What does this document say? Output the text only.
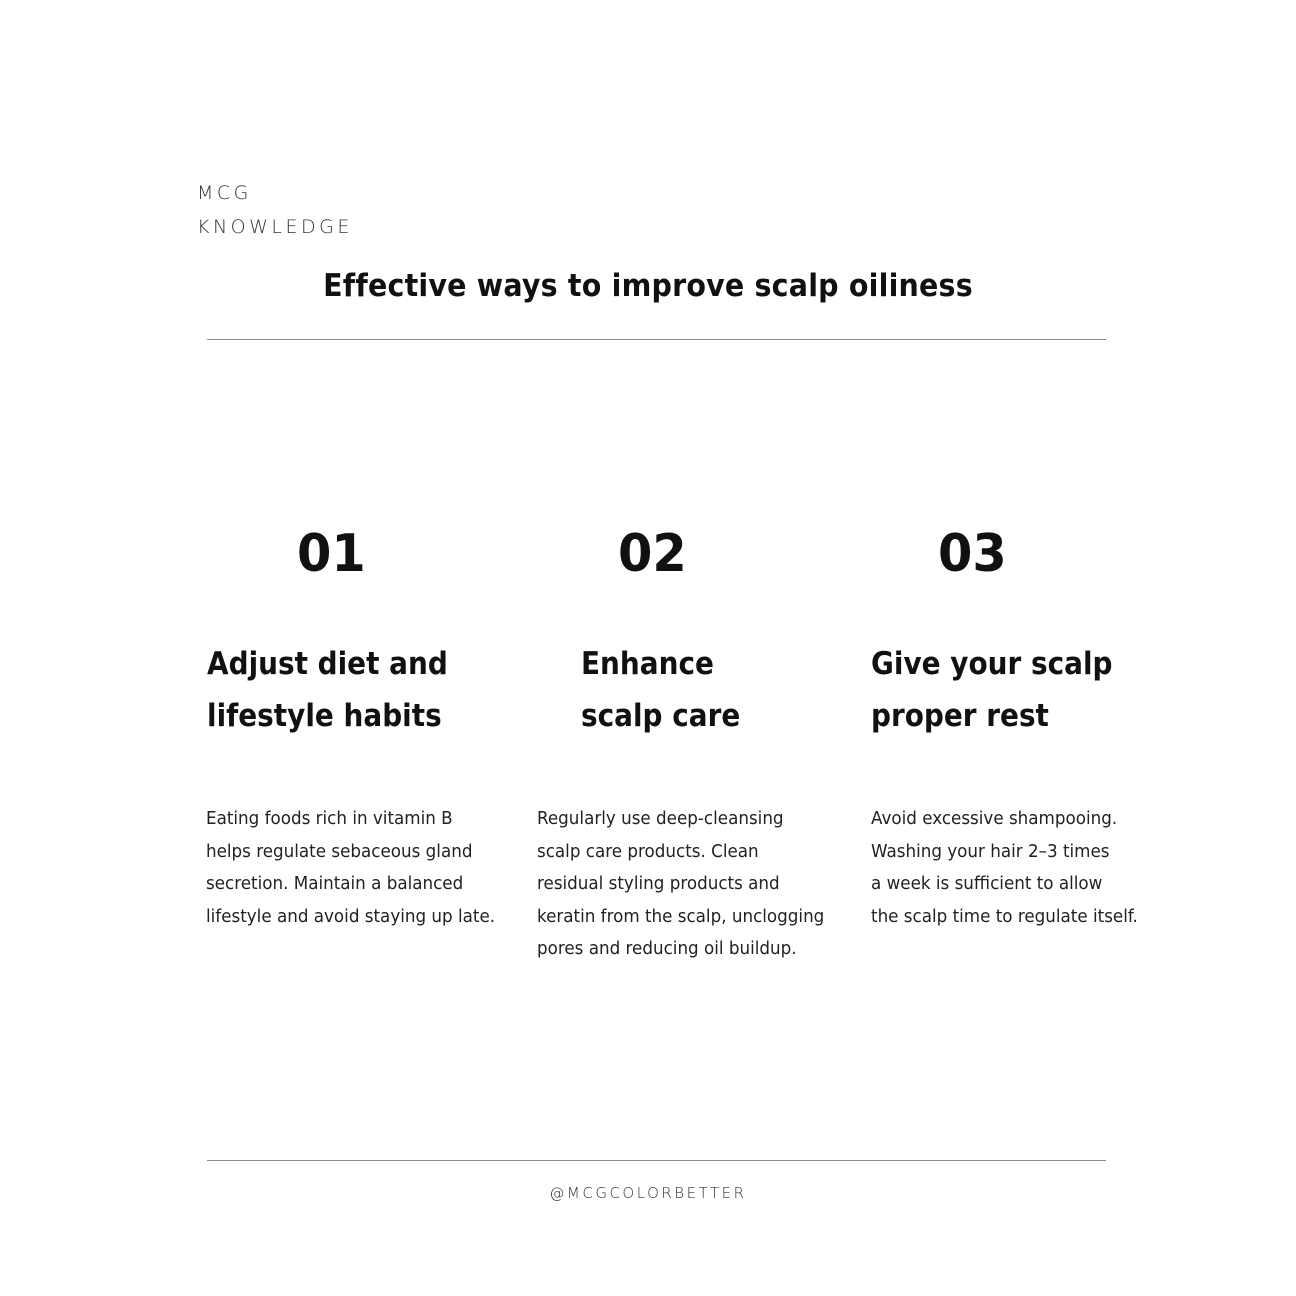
MCG
KNOWLEDGE
Effective ways to improve scalp oiliness
01
Adjust diet and
lifestyle habits
Eating foods rich in vitamin B
helps regulate sebaceous gland
secretion. Maintain a balanced
lifestyle and avoid staying up late.
02
Enhance
scalp care
Regularly use deep-cleansing
scalp care products. Clean
residual styling products and
keratin from the scalp, unclogging
pores and reducing oil buildup.
03
Give your scalp
proper rest
Avoid excessive shampooing.
Washing your hair 2–3 times
a week is sufficient to allow
the scalp time to regulate itself.
@MCGCOLORBETTER
